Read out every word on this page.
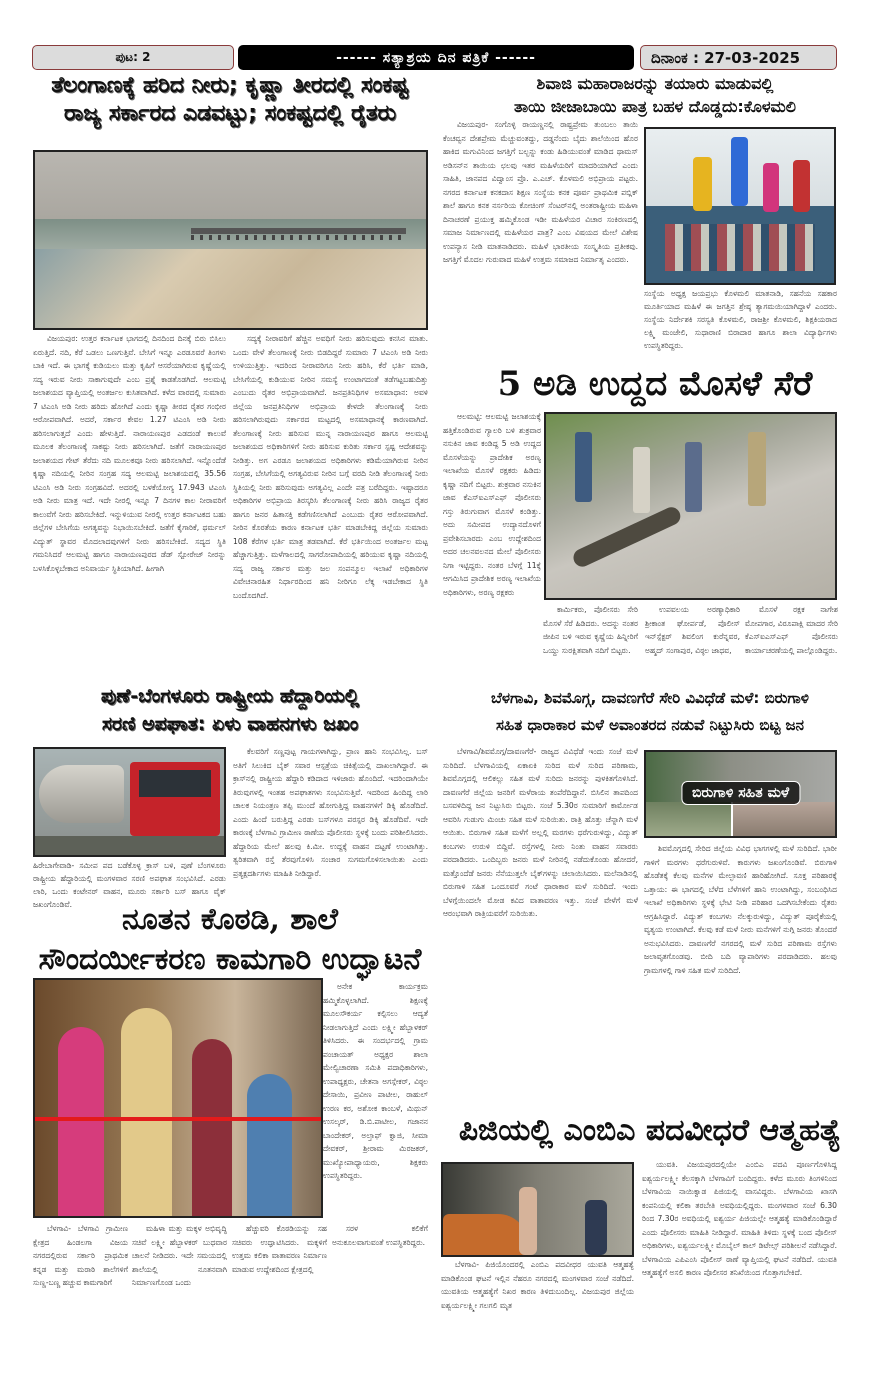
ಪುಟ: 2	------ ಸತ್ಯಾಶ್ರಯ ದಿನ ಪತ್ರಿಕೆ ------	ದಿನಾಂಕ : 27-03-2025
ತೆಲಂಗಾಣಕ್ಕೆ ಹರಿದ ನೀರು; ಕೃಷ್ಣಾ ತೀರದಲ್ಲಿ ಸಂಕಷ್ಟ
ರಾಜ್ಯ ಸರ್ಕಾರದ ಎಡವಟ್ಟು; ಸಂಕಷ್ಟದಲ್ಲಿ ರೈತರು

ವಿಜಯಪುರ: ಉತ್ತರ ಕರ್ನಾಟಕ ಭಾಗದಲ್ಲಿ ದಿನದಿಂದ ದಿನಕ್ಕೆ ಬಿರು ಬಿಸಿಲು ಏರುತ್ತಿದೆ. ನದಿ, ಕೆರೆ ಒಡಲು ಒಣಗುತ್ತಿವೆ. ಬೇಸಿಗೆ ಇನ್ನೂ ಎರಡೂವರೆ ತಿಂಗಳು ಬಾಕಿ ಇದೆ. ಈ ಭಾಗಕ್ಕೆ ಕುಡಿಯಲು ಮತ್ತು ಕೃಷಿಗೆ ಆಸರೆಯಾಗಿರುವ ಕೃಷ್ಣೆಯಲ್ಲಿ ಸದ್ಯ ಇರುವ ನೀರು ಸಾಕಾಗುವುದೇ ಎಂಬ ಪ್ರಶ್ನೆ ಕಾಡತೊಡಗಿದೆ. ಆಲಮಟ್ಟಿ ಜಲಾಶಯದ ವ್ಯಾಪ್ತಿಯಲ್ಲಿ ಅಂತರ್ಜಲ ಕುಸಿತವಾಗಿದೆ. ಕಳೆದ ವಾರದಲ್ಲಿ ಸುಮಾರು 7 ಟಿಎಂಸಿ ಅಡಿ ನೀರು ಹರಿದು ಹೋಗಿದೆ ಎಂದು ಕೃಷ್ಣಾ ತೀರದ ರೈತರ ಗಂಭೀರ ಆರೋಪವಾಗಿದೆ. ಅದರೆ, ಸರ್ಕಾರ ಕೇವಲ 1.27 ಟಿಎಂಸಿ ಅಡಿ ನೀರು ಹರಿಸಲಾಗುತ್ತದೆ ಎಂದು ಹೇಳುತ್ತಿದೆ. ನಾರಾಯಣಪುರ ಎಡದಂಡೆ ಕಾಲುವೆ ಮೂಲಕ ತೆಲಂಗಾಣಕ್ಕೆ ಸಾಕಷ್ಟು ನೀರು ಹರಿಸಲಾಗಿದೆ. ಜತೆಗೆ ನಾರಾಯಣಪುರ ಜಲಾಶಯದ ಗೇಟ್ ತೆರೆದು ನದಿ ಮೂಲಕವೂ ನೀರು ಹರಿಸಲಾಗಿದೆ. ಇನ್ನೊಂದೆಡೆ ಕೃಷ್ಣಾ ನದಿಯಲ್ಲಿ ನೀರಿನ ಸಂಗ್ರಹ ಸದ್ಯ ಆಲಮಟ್ಟಿ ಜಲಾಶಯದಲ್ಲಿ 35.56 ಟಿಎಂಸಿ ಅಡಿ ನೀರು ಸಂಗ್ರಹವಿದೆ. ಅದರಲ್ಲಿ ಬಳಕೆಯೋಗ್ಯ 17.943 ಟಿಎಂಸಿ ಅಡಿ ನೀರು ಮಾತ್ರ ಇದೆ. ಇದೇ ನೀರಲ್ಲಿ ಇನ್ನೂ 7 ದಿನಗಳ ಕಾಲ ನೀರಾವರಿಗೆ ಕಾಲುವೆಗೆ ನೀರು ಹರಿಸಬೇಕಿದೆ. ಇನ್ನುಳಿಯುವ ನೀರಲ್ಲಿ ಉತ್ತರ ಕರ್ನಾಟಕದ ಬಹು ಜಿಲ್ಲೆಗಳ ಬೇಸಿಗೆಯ ಅಗತ್ಯವನ್ನು ನಿಭಾಯಿಸಬೇಕಿದೆ. ಜತೆಗೆ ಕೈಗಾರಿಕೆ, ಥರ್ಮಲ್ ವಿದ್ಯುತ್ ಸ್ಥಾವರ ಮೊದಲಾದವುಗಳಿಗೆ ನೀರು ಹರಿಸಬೇಕಿದೆ. ಸದ್ಯದ ಸ್ಥಿತಿ ಗಮನಿಸಿದರೆ ಆಲಮಟ್ಟಿ ಹಾಗೂ ನಾರಾಯಣಪುರದ ಡೆಡ್ ಸ್ಟೋರೇಜ್ ನೀರನ್ನು ಬಳಸಿಕೊಳ್ಳಬೇಕಾದ ಅನಿವಾರ್ಯ ಸ್ಥಿತಿಯಾಗಿದೆ. ಹೀಗಾಗಿ

ಸದ್ಯಕ್ಕೆ ನೀರಾವರಿಗೆ ಹೆಚ್ಚಿನ ಅವಧಿಗೆ ನೀರು ಹರಿಸುವುದು ಕನಸಿನ ಮಾತು. ಒಂದು ವೇಳೆ ತೆಲಂಗಾಣಕ್ಕೆ ನೀರು ಬಿಡದಿದ್ದರೆ ಸುಮಾರು 7 ಟಿಎಂಸಿ ಅಡಿ ನೀರು ಉಳಿಯುತ್ತಿತ್ತು. ಇದರಿಂದ ನೀರಾವರಿಗೂ ನೀರು ಹರಿಸಿ, ಕೆರೆ ಭರ್ತಿ ಮಾಡಿ, ಬೇಸಿಗೆಯಲ್ಲಿ ಕುಡಿಯುವ ನೀರಿನ ಸಮಸ್ಯೆ ಉಂಟಾಗದಂತೆ ತಡೆಗಟ್ಟಬಹುದಿತ್ತು ಎಂಬುದು ರೈತರ ಅಭಿಪ್ರಾಯವಾಗಿದೆ. ಜನಪ್ರತಿನಿಧಿಗಳ ಅಸಮಾಧಾನ: ಅವಳಿ ಜಿಲ್ಲೆಯ ಜನಪ್ರತಿನಿಧಿಗಳ ಅಭಿಪ್ರಾಯ ಕೇಳದೇ ತೆಲಂಗಾಣಕ್ಕೆ ನೀರು ಹರಿಸಲಾಗಿರುವುದು ಸರ್ಕಾರದ ಮಟ್ಟದಲ್ಲಿ ಅಸಮಾಧಾನಕ್ಕೆ ಕಾರಣವಾಗಿದೆ. ತೆಲಂಗಾಣಕ್ಕೆ ನೀರು ಹರಿಸುವ ಮುನ್ನ ನಾರಾಯಣಪುರ ಹಾಗೂ ಆಲಮಟ್ಟಿ ಜಲಾಶಯದ ಅಧಿಕಾರಿಗಳಿಗೆ ನೀರು ಹರಿಸುವ ಕುರಿತು ಸರ್ಕಾರ ಸ್ಪಷ್ಟ ಆದೇಶವನ್ನು ನೀಡಿತ್ತು. ಅಗ ಎರಡೂ ಜಲಾಶಯದ ಅಧಿಕಾರಿಗಳು ಕಡಿಮೆಯಾಗಿರುವ ನೀರಿನ ಸಂಗ್ರಹ, ಬೇಸಿಗೆಯಲ್ಲಿ ಅಗತ್ಯವಿರುವ ನೀರಿನ ಬಗ್ಗೆ ವರದಿ ನೀಡಿ ತೆಲಂಗಾಣಕ್ಕೆ ನೀರು ಸ್ಥಿತಿಯಲ್ಲಿ ನೀರು ಹರಿಸುವುದು ಅಗತ್ಯವಿಲ್ಲ ಎಂದೇ ಪತ್ರ ಬರೆದಿದ್ದರು. ಇಷ್ಟಾದರೂ ಅಧಿಕಾರಿಗಳ ಅಭಿಪ್ರಾಯ ತಿರಸ್ಕರಿಸಿ ತೆಲಂಗಾಣಕ್ಕೆ ನೀರು ಹರಿಸಿ ರಾಜ್ಯದ ರೈತರ ಹಾಗೂ ಜನರ ಹಿತಾಸಕ್ತಿ ಕಡೆಗಣಿಸಲಾಗಿದೆ ಎಂಬುದು ರೈತರ ಆರೋಪವಾಗಿದೆ. ನೀರಿನ ಕೊರತೆಯ ಕಾರಣ ಕರ್ನಾಟಕ ಭರ್ತಿ ಮಾಡಬೇಕಿದ್ದ ಜಿಲ್ಲೆಯ ಸುಮಾರು 108 ಕೆರೆಗಳ ಭರ್ತಿ ಮಾತ್ರ ತಡವಾಗಿದೆ. ಕೆರೆ ಭರ್ತಿಯಿಂದ ಅಂತರ್ಜಲ ಮಟ್ಟ ಹೆಚ್ಚಾಗುತ್ತಿತ್ತು. ಮಳೆಗಾಲದಲ್ಲಿ ಸಾಗರೋಪಾದಿಯಲ್ಲಿ ಹರಿಯುವ ಕೃಷ್ಣಾ ನದಿಯಲ್ಲಿ ಸದ್ಯ ರಾಜ್ಯ ಸರ್ಕಾರ ಮತ್ತು ಜಲ ಸಂಪನ್ಮೂಲ ಇಲಾಖೆ ಅಧಿಕಾರಿಗಳ ವಿವೇಚನಾರಹಿತ ನಿರ್ಧಾರದಿಂದ ಹನಿ ನೀರಿಗೂ ಲೆಕ್ಕ ಇಡಬೇಕಾದ ಸ್ಥಿತಿ ಬಂದೊದಗಿದೆ.

ಶಿವಾಜಿ ಮಹಾರಾಜರನ್ನು ತಯಾರು ಮಾಡುವಲ್ಲಿ
ತಾಯಿ ಜೀಜಾಬಾಯಿ ಪಾತ್ರ ಬಹಳ ದೊಡ್ಡದು:ಕೊಳಮಲಿ

ವಿಜಯಪುರ- ಸಂಗೊಳ್ಳಿ ರಾಯಣ್ಣನಲ್ಲಿ ರಾಷ್ಟ್ರಪ್ರೇಮ ತುಂಬಲು ತಾಯಿ ಕೆಂಚವ್ವನ ದೇಶಪ್ರೇಮ ಮೆಚ್ಚುವಂತದ್ದು, ದಡ್ಡನೆಂದು ಬೈದು ಶಾಲೆಯಿಂದ ಹೊರ ಹಾಕಿದ ಮಗುವಿನಿಂದ ಜಗತ್ತಿಗೆ ಬಲ್ಬನ್ನು ಕಂಡು ಹಿಡಿಯುವಂತೆ ಮಾಡಿದ ಥಾಮಸ್ ಅಡಿಸನ್‌ನ ತಾಯಿಯ ಛಲವು ಇತರ ಮಹಿಳೆಯರಿಗೆ ಮಾದರಿಯಾಗಿದೆ ಎಂದು ಸಾಹಿತಿ, ಜಾನಪದ ವಿದ್ವಾಂಸ ಪ್ರೊ. ಎ.ಎಚ್. ಕೊಳಮಲಿ ಅಭಿಪ್ರಾಯ ಪಟ್ಟರು. ನಗರದ ಕರ್ನಾಟಕ ಕನಕದಾಸ ಶಿಕ್ಷಣ ಸಂಸ್ಥೆಯ ಕನಕ ಪೂರ್ವ ಪ್ರಾಥಮಿಕ ಪಬ್ಲಿಕ್ ಶಾಲೆ ಹಾಗೂ ಕನಕ ನರ್ಸರಿಯ ಕೋಚಿಂಗ್ ಸೆಂಟರ್‌ನಲ್ಲಿ ಅಂತರಾಷ್ಟ್ರೀಯ ಮಹಿಳಾ ದಿನಾಚರಣೆ ಪ್ರಯುಕ್ತ ಹಮ್ಮಿಕೊಂಡ ಇಡೀ ಮಹಿಳೆಯರ ವಿಚಾರ ಸಂಕಿರಣದಲ್ಲಿ ಸಮಾಜ ನಿರ್ಮಾಣದಲ್ಲಿ ಮಹಿಳೆಯರ ಪಾತ್ರ? ಎಂಬ ವಿಷಯದ ಮೇಲೆ ವಿಶೇಷ ಉಪನ್ಯಾಸ ನೀಡಿ ಮಾತನಾಡಿದರು. ಮಹಿಳೆ ಭಾರತೀಯ ಸಂಸ್ಕೃತಿಯ ಪ್ರತೀಕವು. ಜಗತ್ತಿಗೆ ಮೊದಲ ಗುರುವಾದ ಮಹಿಳೆ ಉತ್ತಮ ಸಮಾಜದ ನಿರ್ಮಾತೃ ಎಂದರು.

ಸಂಸ್ಥೆಯ ಅಧ್ಯಕ್ಷ ಜಯಪ್ರಭು ಕೊಳಮಲಿ ಮಾತನಾಡಿ, ಸಹನೆಯ ಸಹಕಾರ ಮೂರ್ತಿಯಾದ ಮಹಿಳೆ ಈ ಜಗತ್ತಿನ ಶ್ರೇಷ್ಠ ತ್ಯಾಗಮಯಿಯಾಗಿದ್ದಾಳೆ ಎಂದರು. ಸಂಸ್ಥೆಯ ನಿರ್ದೇಶಕಿ ಸರಸ್ವತಿ ಕೊಳಮಲಿ, ರಾಜಶ್ರೀ ಕೊಳಮಲಿ, ಶಿಕ್ಷಕಿಯರಾದ ಲಕ್ಷ್ಮಿ ಮಂಜೇಲಿ, ಸುಧಾರಾಣಿ ಬಿರಾದಾರ ಹಾಗೂ ಶಾಲಾ ವಿದ್ಯಾರ್ಥಿಗಳು ಉಪಸ್ಥಿತರಿದ್ದರು.
5 ಅಡಿ ಉದ್ದದ ಮೊಸಳೆ ಸೆರೆ

ಆಲಮಟ್ಟಿ: ಆಲಮಟ್ಟಿ ಜಲಾಶಯಕ್ಕೆ ಹತ್ತಿಕೊಂಡಿರುವ ಗ್ಯಾಲರಿ ಬಳಿ ಶುಕ್ರವಾರ ನಸುಕಿನ ಜಾವ ಕಂಡಿದ್ದ 5 ಅಡಿ ಉದ್ದದ ಮೊಸಳೆಯನ್ನು ಪ್ರಾದೇಶಿಕ ಅರಣ್ಯ ಇಲಾಖೆಯ ಮೊಸಳೆ ರಕ್ಷಕರು ಹಿಡಿದು ಕೃಷ್ಣಾ ನದಿಗೆ ಬಿಟ್ಟರು. ಶುಕ್ರವಾರ ನಸುಕಿನ ಜಾವ ಕೆಎಸ್‌ಐಎಸ್‌ಎಫ್ ಪೊಲೀಸರು ಗಸ್ತು ತಿರುಗುವಾಗ ಮೊಸಳೆ ಕಂಡಿತ್ತು. ಅದು ಸಮೀಪದ ಉದ್ಯಾನದೊಳಗೆ ಪ್ರವೇಶಿಸಬಾರದು ಎಂಬ ಉದ್ದೇಶದಿಂದ ಅದರ ಚಲನವಲನದ ಮೇಲೆ ಪೊಲೀಸರು ನಿಗಾ ಇಟ್ಟಿದ್ದರು. ನಂತರ ಬೆಳಗ್ಗೆ 11ಕ್ಕೆ ಆಗಮಿಸಿದ ಪ್ರಾದೇಶಿಕ ಅರಣ್ಯ ಇಲಾಖೆಯ ಅಧಿಕಾರಿಗಳು, ಅರಣ್ಯ ರಕ್ಷಕರು

ಕಾರ್ಮಿಕರು, ಪೊಲೀಸರು ಸೇರಿ ಮೊಸಳೆ ಸೆರೆ ಹಿಡಿದರು. ಅದನ್ನು ನಂತರ ಜೀಪಿನ ಬಳಿ ಇರುವ ಕೃಷ್ಣೆಯ ಹಿನ್ನೀರಿಗೆ ಒಯ್ದು ಸುರಕ್ಷಿತವಾಗಿ ನದಿಗೆ ಬಿಟ್ಟರು.

ಉಪವಲಯ ಅರಣ್ಯಾಧಿಕಾರಿ ಶ್ರೀಕಾಂತ ಘೋರ್ಪಡೆ, ಪೊಲೀಸ್ ಇನ್‌ಸ್ಪೆಕ್ಟರ್ ಶಿವಲಿಂಗ ಕುರೆನ್ನವರ, ಅಹ್ಮದ್ ಸಂಗಾಪುರ, ವಿಠ್ಠಲ ಜಾಧವ,

ಮೊಸಳೆ ರಕ್ಷಕ ನಾಗೇಶ ಮೋಪಗಾರ, ವಿರೂಪಾಕ್ಷಿ ಮಾದರ ಸೇರಿ ಕೆಎಸ್‌ಐಎಸ್‌ಎಫ್ ಪೊಲೀಸರು ಕಾರ್ಯಾಚರಣೆಯಲ್ಲಿ ಪಾಲ್ಗೊಂಡಿದ್ದರು.

ಪುಣೆ-ಬೆಂಗಳೂರು ರಾಷ್ಟ್ರೀಯ ಹೆದ್ದಾರಿಯಲ್ಲಿ
ಸರಣಿ ಅಪಘಾತ: ಏಳು ವಾಹನಗಳು ಜಖಂ
ಹಿರೇಬಾಗೇವಾಡಿ- ಸಮೀಪ ಪದ ಬಡೆಕೊಳ್ಳ ಕ್ರಾಸ್ ಬಳಿ, ಪುಣೆ ಬೆಂಗಳೂರು ರಾಷ್ಟ್ರೀಯ ಹೆದ್ದಾರಿಯಲ್ಲಿ ಮಂಗಳವಾರ ಸರಣಿ ಅಪಘಾತ ಸಂಭವಿಸಿದೆ. ಎರಡು ಲಾರಿ, ಒಂದು ಕಂಟೇನರ್ ವಾಹನ, ಮೂರು ಸರ್ಕಾರಿ ಬಸ್ ಹಾಗೂ ವೈಕ್ ಜಖಂಗೊಂಡಿವೆ.

ಕೆಲವರಿಗೆ ಸಣ್ಣಪುಟ್ಟ ಗಾಯಗಳಾಗಿದ್ದು, ಪ್ರಾಣ ಹಾನಿ ಸಂಭವಿಸಿಲ್ಲ. ಬಸ್ ಅತಿಗೆ ಸಿಲುಕಿದ ಬೈಕ್ ಸವಾರ ಆಸ್ಪತ್ರೆಯ ಚಿಕಿತ್ಸೆಯಲ್ಲಿ ದಾಖಲಾಗಿದ್ದಾರೆ. ಈ ಕ್ರಾಸ್‌ನಲ್ಲಿ ರಾಷ್ಟ್ರೀಯ ಹೆದ್ದಾರಿ ಕಡಿದಾದ ಇಳಿಜಾರು ಹೊಂದಿದೆ. ಇದರಿಂದಾಗಿಯೇ ತಿರುವುಗಳಲ್ಲಿ ಇಂತಹ ಅಪಘಾತಗಳು ಸಂಭವಿಸುತ್ತಿವೆ. ಇದರಿಂದ ಹಿಂದಿದ್ದ ಲಾರಿ ಚಾಲಕ ನಿಯಂತ್ರಣ ತಪ್ಪಿ ಮುಂದೆ ಹೋಗುತ್ತಿದ್ದ ವಾಹನಗಳಿಗೆ ಡಿಕ್ಕಿ ಹೊಡೆದಿದೆ. ಎಂದು ಹಿಂದೆ ಬರುತ್ತಿದ್ದ ಎರಡು ಬಸ್‌ಗಳೂ ಪರಸ್ಪರ ಡಿಕ್ಕಿ ಹೊಡೆದಿವೆ. ಇದೇ ಕಾರಣಕ್ಕೆ ಬೆಳಗಾವಿ ಗ್ರಾಮೀಣ ಠಾಣೆಯ ಪೊಲೀಸರು ಸ್ಥಳಕ್ಕೆ ಬಂದು ಪರಿಶೀಲಿಸಿದರು. ಹೆದ್ದಾರಿಯ ಮೇಲೆ ಹಲವು ಕಿ.ಮೀ. ಉದ್ದಕ್ಕೆ ವಾಹನ ದಟ್ಟಣೆ ಉಂಟಾಗಿತ್ತು. ತ್ವರಿತವಾಗಿ ರಸ್ತೆ ತೆರವುಗೊಳಿಸಿ ಸಂಚಾರ ಸುಗಮಗೊಳಿಸಲಾಯಿತು ಎಂದು ಪ್ರತ್ಯಕ್ಷದರ್ಶಿಗಳು ಮಾಹಿತಿ ನೀಡಿದ್ದಾರೆ.

ಬೆಳಗಾವಿ, ಶಿವಮೊಗ್ಗ, ದಾವಣಗೆರೆ ಸೇರಿ ವಿವಿಧೆಡೆ ಮಳೆ: ಬಿರುಗಾಳಿ
ಸಹಿತ ಧಾರಾಕಾರ ಮಳೆ ಅವಾಂತರದ ನಡುವೆ ನಿಟ್ಟುಸಿರು ಬಿಟ್ಟ ಜನ

ಬೆಳಗಾವಿ/ಶಿವಮೊಗ್ಗ/ದಾವಣಗೆರೆ- ರಾಜ್ಯದ ವಿವಿಧೆಡೆ ಇಂದು ಸಂಜೆ ಮಳೆ ಸುರಿದಿದೆ. ಬೆಳಗಾವಿಯಲ್ಲಿ ಏಕಾಏಕಿ ಸುರಿದ ಮಳೆ ಸುರಿದ ಪರಿಣಾಮ, ಶಿವಮೊಗ್ಗದಲ್ಲಿ ಆಲಿಕಲ್ಲು ಸಹಿತ ಮಳೆ ಸುರಿದು ಜನರನ್ನು ಪುಳಕಿತಗೊಳಿಸಿದೆ. ದಾವಣಗೆರೆ ಜಿಲ್ಲೆಯ ಜನರಿಗೆ ಮಳೆರಾಯ ತಂಪೆರೆದಿದ್ದಾನೆ. ಬಿಸಿಲಿನ ತಾಪದಿಂದ ಬಸವಳಿದಿದ್ದ ಜನ ನಿಟ್ಟುಸಿರು ಬಿಟ್ಟರು. ಸಂಜೆ 5.30ರ ಸುಮಾರಿಗೆ ಕಾರ್ಮೋಡ ಆವರಿಸಿ ಗುಡುಗು ಮಿಂಚು ಸಹಿತ ಮಳೆ ಸುರಿಯಿತು. ರಾತ್ರಿ ಹೊತ್ತು ಚೆನ್ನಾಗಿ ಮಳೆ ಆಯಿತು. ಬಿರುಗಾಳಿ ಸಹಿತ ಮಳೆಗೆ ಅಲ್ಲಲ್ಲಿ ಮರಗಳು ಧರೆಗುರುಳಿದ್ದು, ವಿದ್ಯುತ್ ಕಂಬಗಳು ಉರುಳಿ ಬಿದ್ದಿವೆ. ರಸ್ತೆಗಳಲ್ಲಿ ನೀರು ನಿಂತು ವಾಹನ ಸವಾರರು ಪರದಾಡಿದರು. ಒಂದಿಬ್ಬರು ಜನರು ಮಳೆ ನೀರಿನಲ್ಲಿ ನಡೆದುಕೊಂಡು ಹೋದರೆ, ಮತ್ತೊಂದೆಡೆ ಜನರು ನೆನೆಯುತ್ತಲೇ ಬೈಕ್‌ಗಳನ್ನು ಚಲಾಯಿಸಿದರು. ಮಲೆನಾಡಿನಲ್ಲಿ ಬಿರುಗಾಳಿ ಸಹಿತ ಒಂದೂವರೆ ಗಂಟೆ ಧಾರಾಕಾರ ಮಳೆ ಸುರಿದಿದೆ. ಇಂದು ಬೆಳಗ್ಗೆಯಿಂದಲೇ ಮೋಡ ಕವಿದ ವಾತಾವರಣ ಇತ್ತು. ಸಂಜೆ ವೇಳೆಗೆ ಮಳೆ ಆರಂಭವಾಗಿ ರಾತ್ರಿಯವರೆಗೆ ಸುರಿಯಿತು.

ಬಿರುಗಾಳಿ ಸಹಿತ ಮಳೆ

ಶಿವಮೊಗ್ಗದಲ್ಲಿ ಸೇರಿದ ಜಿಲ್ಲೆಯ ವಿವಿಧ ಭಾಗಗಳಲ್ಲಿ ಮಳೆ ಸುರಿದಿದೆ. ಭಾರೀ ಗಾಳಿಗೆ ಮರಗಳು ಧರೆಗುರುಳಿವೆ. ಕಾರುಗಳು ಜಖಂಗೊಂಡಿವೆ. ಬಿರುಗಾಳಿ ಹೊಡೆತಕ್ಕೆ ಕೆಲವು ಮನೆಗಳ ಮೇಲ್ಛಾವಣಿ ಹಾರಿಹೋಗಿದೆ. ಸೂಕ್ತ ಪರಿಹಾರಕ್ಕೆ ಒತ್ತಾಯ: ಈ ಭಾಗದಲ್ಲಿ ಬೆಳೆದ ಬೆಳೆಗಳಿಗೆ ಹಾನಿ ಉಂಟಾಗಿದ್ದು, ಸಂಬಂಧಿಸಿದ ಇಲಾಖೆ ಅಧಿಕಾರಿಗಳು ಸ್ಥಳಕ್ಕೆ ಭೇಟಿ ನೀಡಿ ಪರಿಹಾರ ಒದಗಿಸಬೇಕೆಂದು ರೈತರು ಆಗ್ರಹಿಸಿದ್ದಾರೆ. ವಿದ್ಯುತ್ ಕಂಬಗಳು ನೆಲಕ್ಕುರುಳಿದ್ದು, ವಿದ್ಯುತ್ ಪೂರೈಕೆಯಲ್ಲಿ ವ್ಯತ್ಯಯ ಉಂಟಾಗಿದೆ. ಕೆಲವು ಕಡೆ ಮಳೆ ನೀರು ಮನೆಗಳಿಗೆ ನುಗ್ಗಿ ಜನರು ತೊಂದರೆ ಅನುಭವಿಸಿದರು. ದಾವಣಗೆರೆ ನಗರದಲ್ಲಿ ಮಳೆ ಸುರಿದ ಪರಿಣಾಮ ರಸ್ತೆಗಳು ಜಲಾವೃತಗೊಂಡವು. ಬೀದಿ ಬದಿ ವ್ಯಾಪಾರಿಗಳು ಪರದಾಡಿದರು. ಹಲವು ಗ್ರಾಮಗಳಲ್ಲಿ ಗಾಳಿ ಸಹಿತ ಮಳೆ ಸುರಿದಿದೆ.

ನೂತನ ಕೊಠಡಿ, ಶಾಲೆ
ಸೌಂದರ್ಯೀಕರಣ ಕಾಮಗಾರಿ ಉದ್ಘಾಟನೆ

ಅನೇಕ ಕಾರ್ಯಕ್ರಮ ಹಮ್ಮಿಕೊಳ್ಳಲಾಗಿದೆ. ಶಿಕ್ಷಣಕ್ಕೆ ಮೂಲಸೌಕರ್ಯ ಕಲ್ಪಿಸಲು ಆದ್ಯತೆ ನೀಡಲಾಗುತ್ತಿದೆ ಎಂದು ಲಕ್ಷ್ಮೀ ಹೆಬ್ಬಾಳಕರ್ ತಿಳಿಸಿದರು. ಈ ಸಂದರ್ಭದಲ್ಲಿ ಗ್ರಾಮ ಪಂಚಾಯತ್ ಅಧ್ಯಕ್ಷರ ಶಾಲಾ ಮೇಲ್ವಿಚಾರಣಾ ಸಮಿತಿ ಪದಾಧಿಕಾರಿಗಳು, ಉಪಾಧ್ಯಕ್ಷರು, ಚೇತನಾ ಅಗಸ್ಗೇಕರ್, ವಿಠ್ಠಲ ದೇಸಾಯಿ, ಪ್ರವೀಣ ಪಾಟೀಲ, ರಾಹುಲ್ ಉರಣ ಕರ, ಅಶೋಕ ಕಾಂಬಳೆ, ಮಿಥುನ್ ಉಸಲ್ಕರ್, ಡಿ.ಬಿ.ಪಾಟೀಲ, ಗಜಾನನ ಬಾಂದೇಕರ್, ಅಲ್ತಾಫ್ ಕ್ವಾಜಿ, ಸೀಮಾ ದೇವಕರ್, ಶ್ರೀರಾಮ ಮಿರಜಕರ್, ಮುಖ್ಯೋಪಾಧ್ಯಾಯರು, ಶಿಕ್ಷಕರು ಉಪಸ್ಥಿತರಿದ್ದರು.

ಬೆಳಗಾವಿ- ಬೆಳಗಾವಿ ಗ್ರಾಮೀಣ ಕ್ಷೇತ್ರದ ಹಿಂಡಲಗಾ ವಿಜಯ ನಗರದಲ್ಲಿರುವ ಸರ್ಕಾರಿ ಪ್ರಾಥಮಿಕ ಕನ್ನಡ ಮತ್ತು ಮರಾಠಿ ಶಾಲೆಗಳಿಗೆ ಸುಣ್ಣ-ಬಣ್ಣ ಹಚ್ಚುವ ಕಾಮಗಾರಿಗೆ

ಮಹಿಳಾ ಮತ್ತು ಮಕ್ಕಳ ಅಭಿವೃದ್ಧಿ ಸಚಿವೆ ಲಕ್ಷ್ಮೀ ಹೆಬ್ಬಾಳಕರ್ ಬುಧವಾರ ಚಾಲನೆ ನೀಡಿದರು. ಇದೇ ಸಮಯದಲ್ಲಿ ಶಾಲೆಯಲ್ಲಿ ನೂತನವಾಗಿ ನಿರ್ಮಾಣಗೊಂಡ ಒಂದು

ಹೆಚ್ಚುವರಿ ಕೊಠಡಿಯನ್ನು ಸಹ ಸಚಿವರು ಉದ್ಘಾಟಿಸಿದರು. ಮಕ್ಕಳಿಗೆ ಉತ್ತಮ ಕಲಿಕಾ ವಾತಾವರಣ ನಿರ್ಮಾಣ ಮಾಡುವ ಉದ್ದೇಶದಿಂದ ಕ್ಷೇತ್ರದಲ್ಲಿ

ಸರಳ ಕಲಿಕೆಗೆ ಅನುಕೂಲವಾಗುವಂತೆ ಉಪಸ್ಥಿತರಿದ್ದರು.

ಪಿಜಿಯಲ್ಲಿ ಎಂಬಿಎ ಪದವೀಧರೆ ಆತ್ಮಹತ್ಯೆ

ಬೆಳಗಾವಿ- ಪಿಜಿಯೊಂದರಲ್ಲಿ ಎಂಬಿಎ ಪದವೀಧರ ಯುವತಿ ಆತ್ಮಹತ್ಯೆ ಮಾಡಿಕೊಂಡ ಘಟನೆ ಇಲ್ಲಿನ ನೆಹರೂ ನಗರದಲ್ಲಿ ಮಂಗಳವಾರ ಸಂಜೆ ನಡೆದಿದೆ. ಯುವತಿಯ ಆತ್ಮಹತ್ಯೆಗೆ ನಿಖರ ಕಾರಣ ತಿಳಿದುಬಂದಿಲ್ಲ. ವಿಜಯಪುರ ಜಿಲ್ಲೆಯ ಐಶ್ವರ್ಯಲಕ್ಷ್ಮೀ ಗಲಗಲಿ ಮೃತ

ಯುವತಿ. ವಿಜಯಪುರದಲ್ಲಿಯೇ ಎಂಬಿಎ ಪದವಿ ಪೂರ್ಣಗೊಳಿಸಿದ್ದ ಐಶ್ವರ್ಯಲಕ್ಷ್ಮೀ ಕೆಲಸಕ್ಕಾಗಿ ಬೆಳಗಾವಿಗೆ ಬಂದಿದ್ದರು. ಕಳೆದ ಮೂರು ತಿಂಗಳಿನಿಂದ ಬೆಳಗಾವಿಯ ನಾಯಿಕ್ವಾಡ ಪಿಜಿಯಲ್ಲಿ ವಾಸವಿದ್ದರು. ಬೆಳಗಾವಿಯ ಖಾಸಗಿ ಕಂಪನಿಯಲ್ಲಿ ಕಲಿಕಾ ತರಬೇತಿ ಅವಧಿಯಲ್ಲಿದ್ದರು. ಮಂಗಳವಾರ ಸಂಜೆ 6.30 ರಿಂದ 7.30ರ ಅವಧಿಯಲ್ಲಿ ಐಶ್ವರ್ಯ ಪಿಜಿಯಲ್ಲೇ ಆತ್ಮಹತ್ಯೆ ಮಾಡಿಕೊಂಡಿದ್ದಾರೆ ಎಂದು ಪೊಲೀಸರು ಮಾಹಿತಿ ನೀಡಿದ್ದಾರೆ. ಮಾಹಿತಿ ತಿಳಿದು ಸ್ಥಳಕ್ಕೆ ಬಂದ ಪೊಲೀಸ್ ಅಧಿಕಾರಿಗಳು, ಐಶ್ವರ್ಯಲಕ್ಷ್ಮೀ ಮೊಬೈಲ್ ಕಾಲ್ ಡಿಟೇಲ್ಸ್ ಪರಿಶೀಲನೆ ನಡೆಸಿದ್ದಾರೆ. ಬೆಳಗಾವಿಯ ಎಪಿಎಂಸಿ ಪೊಲೀಸ್ ಠಾಣೆ ವ್ಯಾಪ್ತಿಯಲ್ಲಿ ಘಟನೆ ನಡೆದಿದೆ. ಯುವತಿ ಆತ್ಮಹತ್ಯೆಗೆ ಅಸಲಿ ಕಾರಣ ಪೊಲೀಸರ ತನಿಖೆಯಿಂದ ಗೊತ್ತಾಗಬೇಕಿದೆ.
